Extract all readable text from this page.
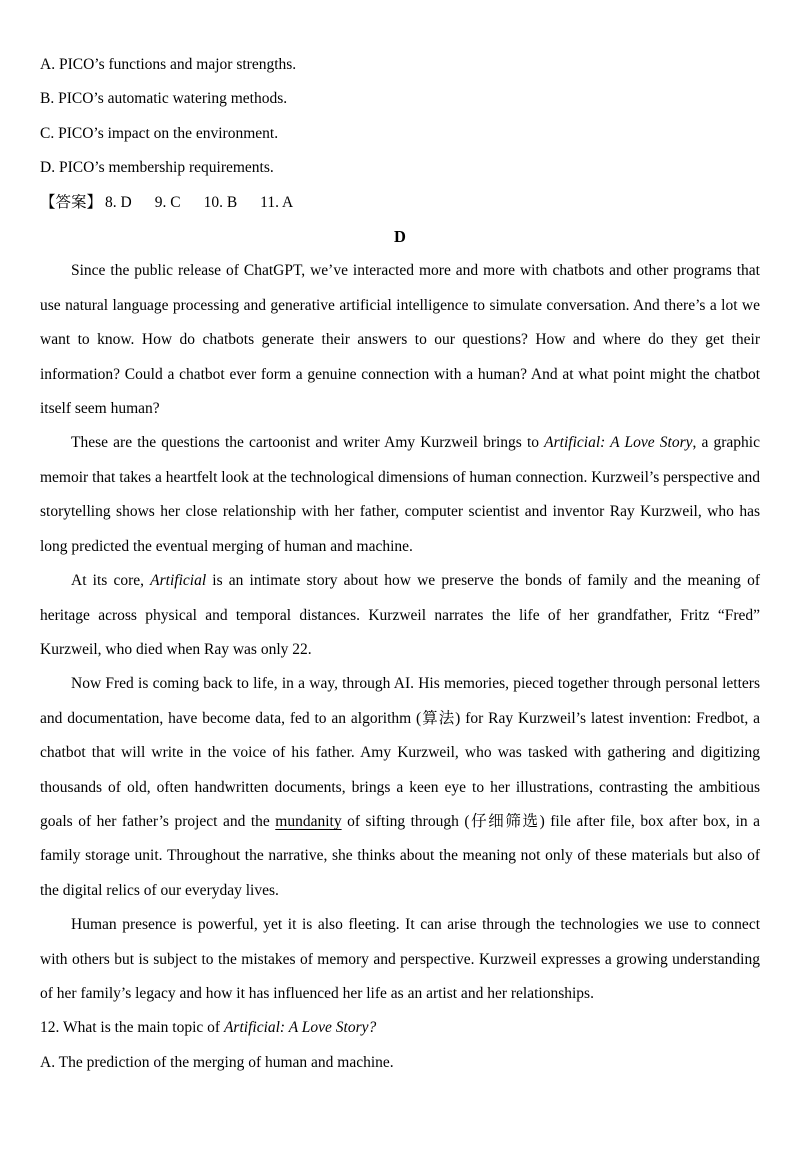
A. PICO’s functions and major strengths.

B. PICO’s automatic watering methods.

C. PICO’s impact on the environment.

D. PICO’s membership requirements.

【答案】 8. D 9. C 10. B 11. A

D

Since the public release of ChatGPT, we’ve interacted more and more with chatbots and other programs that use natural language processing and generative artificial intelligence to simulate conversation. And there’s a lot we want to know. How do chatbots generate their answers to our questions? How and where do they get their information? Could a chatbot ever form a genuine connection with a human? And at what point might the chatbot itself seem human?

These are the questions the cartoonist and writer Amy Kurzweil brings to Artificial: A Love Story, a graphic memoir that takes a heartfelt look at the technological dimensions of human connection. Kurzweil’s perspective and storytelling shows her close relationship with her father, computer scientist and inventor Ray Kurzweil, who has long predicted the eventual merging of human and machine.

At its core, Artificial is an intimate story about how we preserve the bonds of family and the meaning of heritage across physical and temporal distances. Kurzweil narrates the life of her grandfather, Fritz “Fred” Kurzweil, who died when Ray was only 22.

Now Fred is coming back to life, in a way, through AI. His memories, pieced together through personal letters and documentation, have become data, fed to an algorithm (算法) for Ray Kurzweil’s latest invention: Fredbot, a chatbot that will write in the voice of his father. Amy Kurzweil, who was tasked with gathering and digitizing thousands of old, often handwritten documents, brings a keen eye to her illustrations, contrasting the ambitious goals of her father’s project and the mundanity of sifting through (仔细筛选) file after file, box after box, in a family storage unit. Throughout the narrative, she thinks about the meaning not only of these materials but also of the digital relics of our everyday lives.

Human presence is powerful, yet it is also fleeting. It can arise through the technologies we use to connect with others but is subject to the mistakes of memory and perspective. Kurzweil expresses a growing understanding of her family’s legacy and how it has influenced her life as an artist and her relationships.

12. What is the main topic of Artificial: A Love Story?

A. The prediction of the merging of human and machine.
